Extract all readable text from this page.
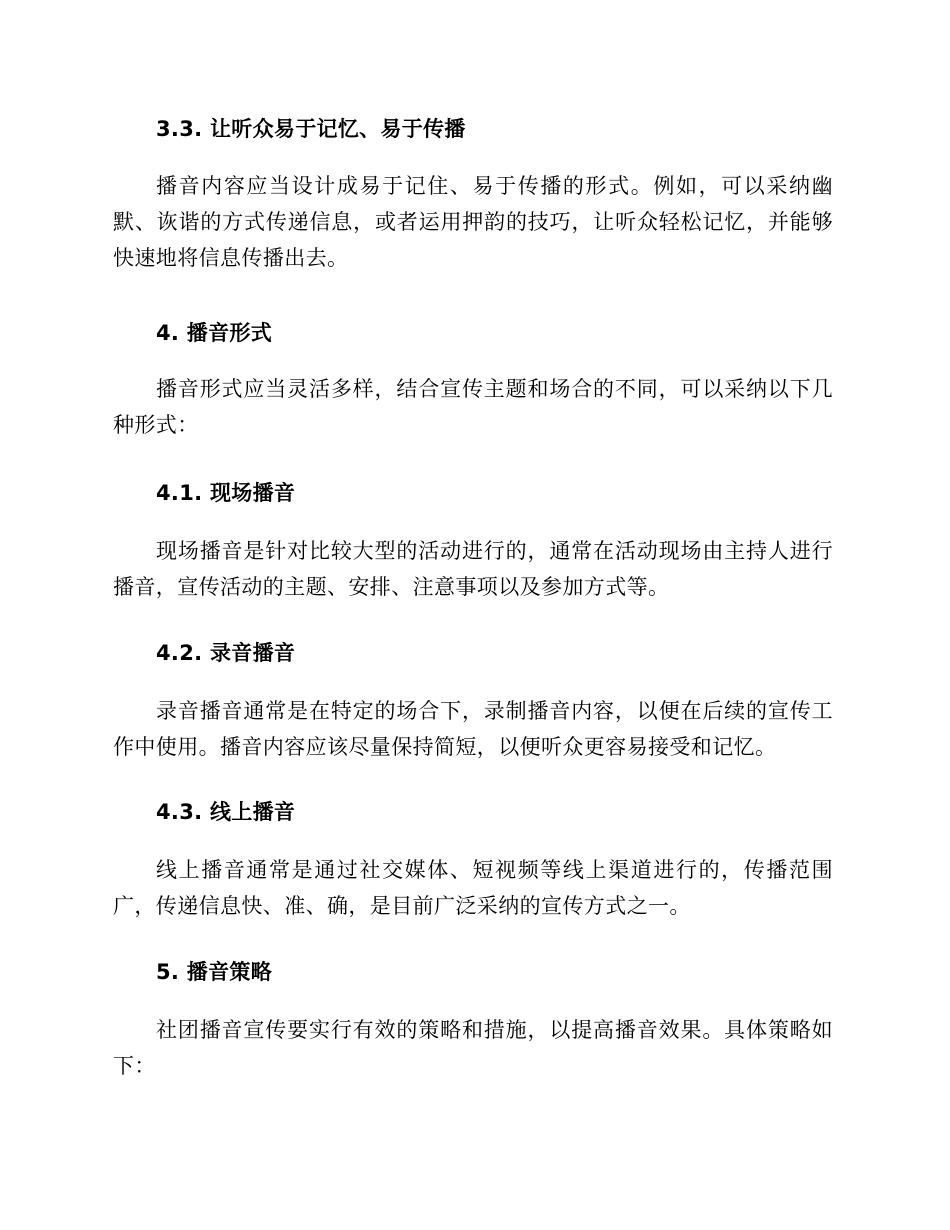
3.3. 让听众易于记忆、易于传播
播音内容应当设计成易于记住、易于传播的形式。例如，可以采纳幽
默、诙谐的方式传递信息，或者运用押韵的技巧，让听众轻松记忆，并能够
快速地将信息传播出去。
4. 播音形式
播音形式应当灵活多样，结合宣传主题和场合的不同，可以采纳以下几
种形式：
4.1. 现场播音
现场播音是针对比较大型的活动进行的，通常在活动现场由主持人进行
播音，宣传活动的主题、安排、注意事项以及参加方式等。
4.2. 录音播音
录音播音通常是在特定的场合下，录制播音内容，以便在后续的宣传工
作中使用。播音内容应该尽量保持简短，以便听众更容易接受和记忆。
4.3. 线上播音
线上播音通常是通过社交媒体、短视频等线上渠道进行的，传播范围
广，传递信息快、准、确，是目前广泛采纳的宣传方式之一。
5. 播音策略
社团播音宣传要实行有效的策略和措施，以提高播音效果。具体策略如
下：
